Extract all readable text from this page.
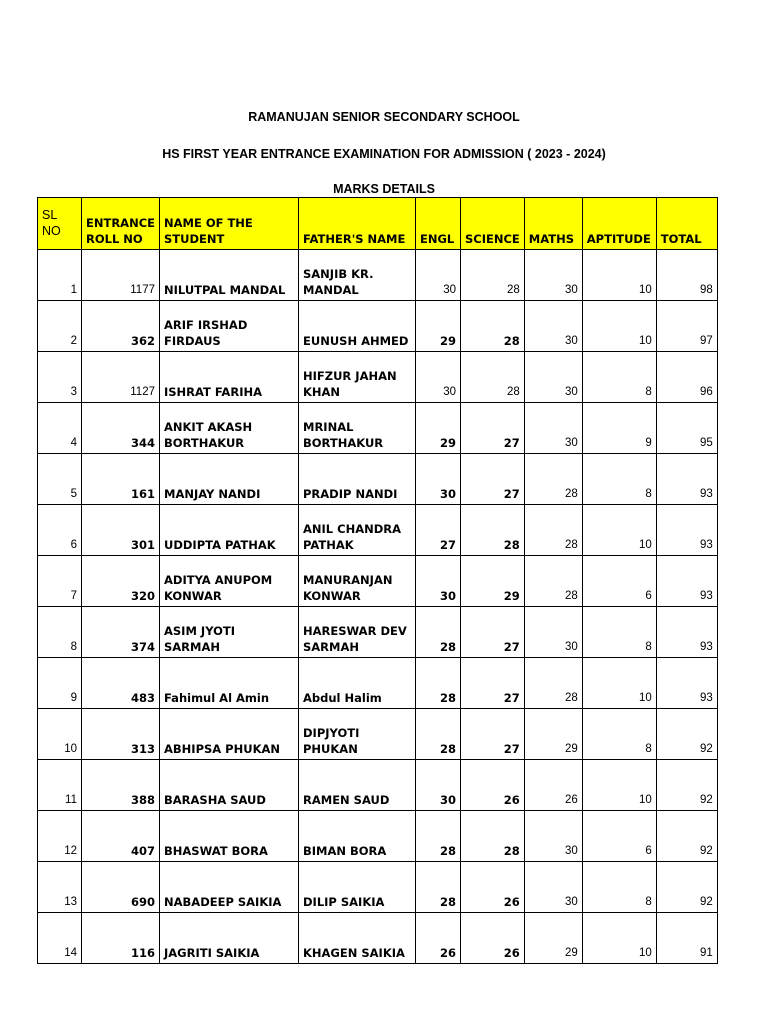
RAMANUJAN SENIOR SECONDARY SCHOOL
HS FIRST YEAR ENTRANCE EXAMINATION FOR ADMISSION ( 2023 - 2024)
MARKS DETAILS
SL NO	ENTRANCE ROLL NO	NAME OF THE STUDENT	FATHER'S NAME	ENGL	SCIENCE	MATHS	APTITUDE	TOTAL
1	1177	NILUTPAL MANDAL	SANJIB KR. MANDAL	30	28	30	10	98
2	362	ARIF IRSHAD FIRDAUS	EUNUSH AHMED	29	28	30	10	97
3	1127	ISHRAT FARIHA	HIFZUR JAHAN KHAN	30	28	30	8	96
4	344	ANKIT AKASH BORTHAKUR	MRINAL BORTHAKUR	29	27	30	9	95
5	161	MANJAY NANDI	PRADIP NANDI	30	27	28	8	93
6	301	UDDIPTA PATHAK	ANIL CHANDRA PATHAK	27	28	28	10	93
7	320	ADITYA ANUPOM KONWAR	MANURANJAN KONWAR	30	29	28	6	93
8	374	ASIM JYOTI SARMAH	HARESWAR DEV SARMAH	28	27	30	8	93
9	483	Fahimul Al Amin	Abdul Halim	28	27	28	10	93
10	313	ABHIPSA PHUKAN	DIPJYOTI PHUKAN	28	27	29	8	92
11	388	BARASHA SAUD	RAMEN SAUD	30	26	26	10	92
12	407	BHASWAT BORA	BIMAN BORA	28	28	30	6	92
13	690	NABADEEP SAIKIA	DILIP SAIKIA	28	26	30	8	92
14	116	JAGRITI SAIKIA	KHAGEN SAIKIA	26	26	29	10	91
